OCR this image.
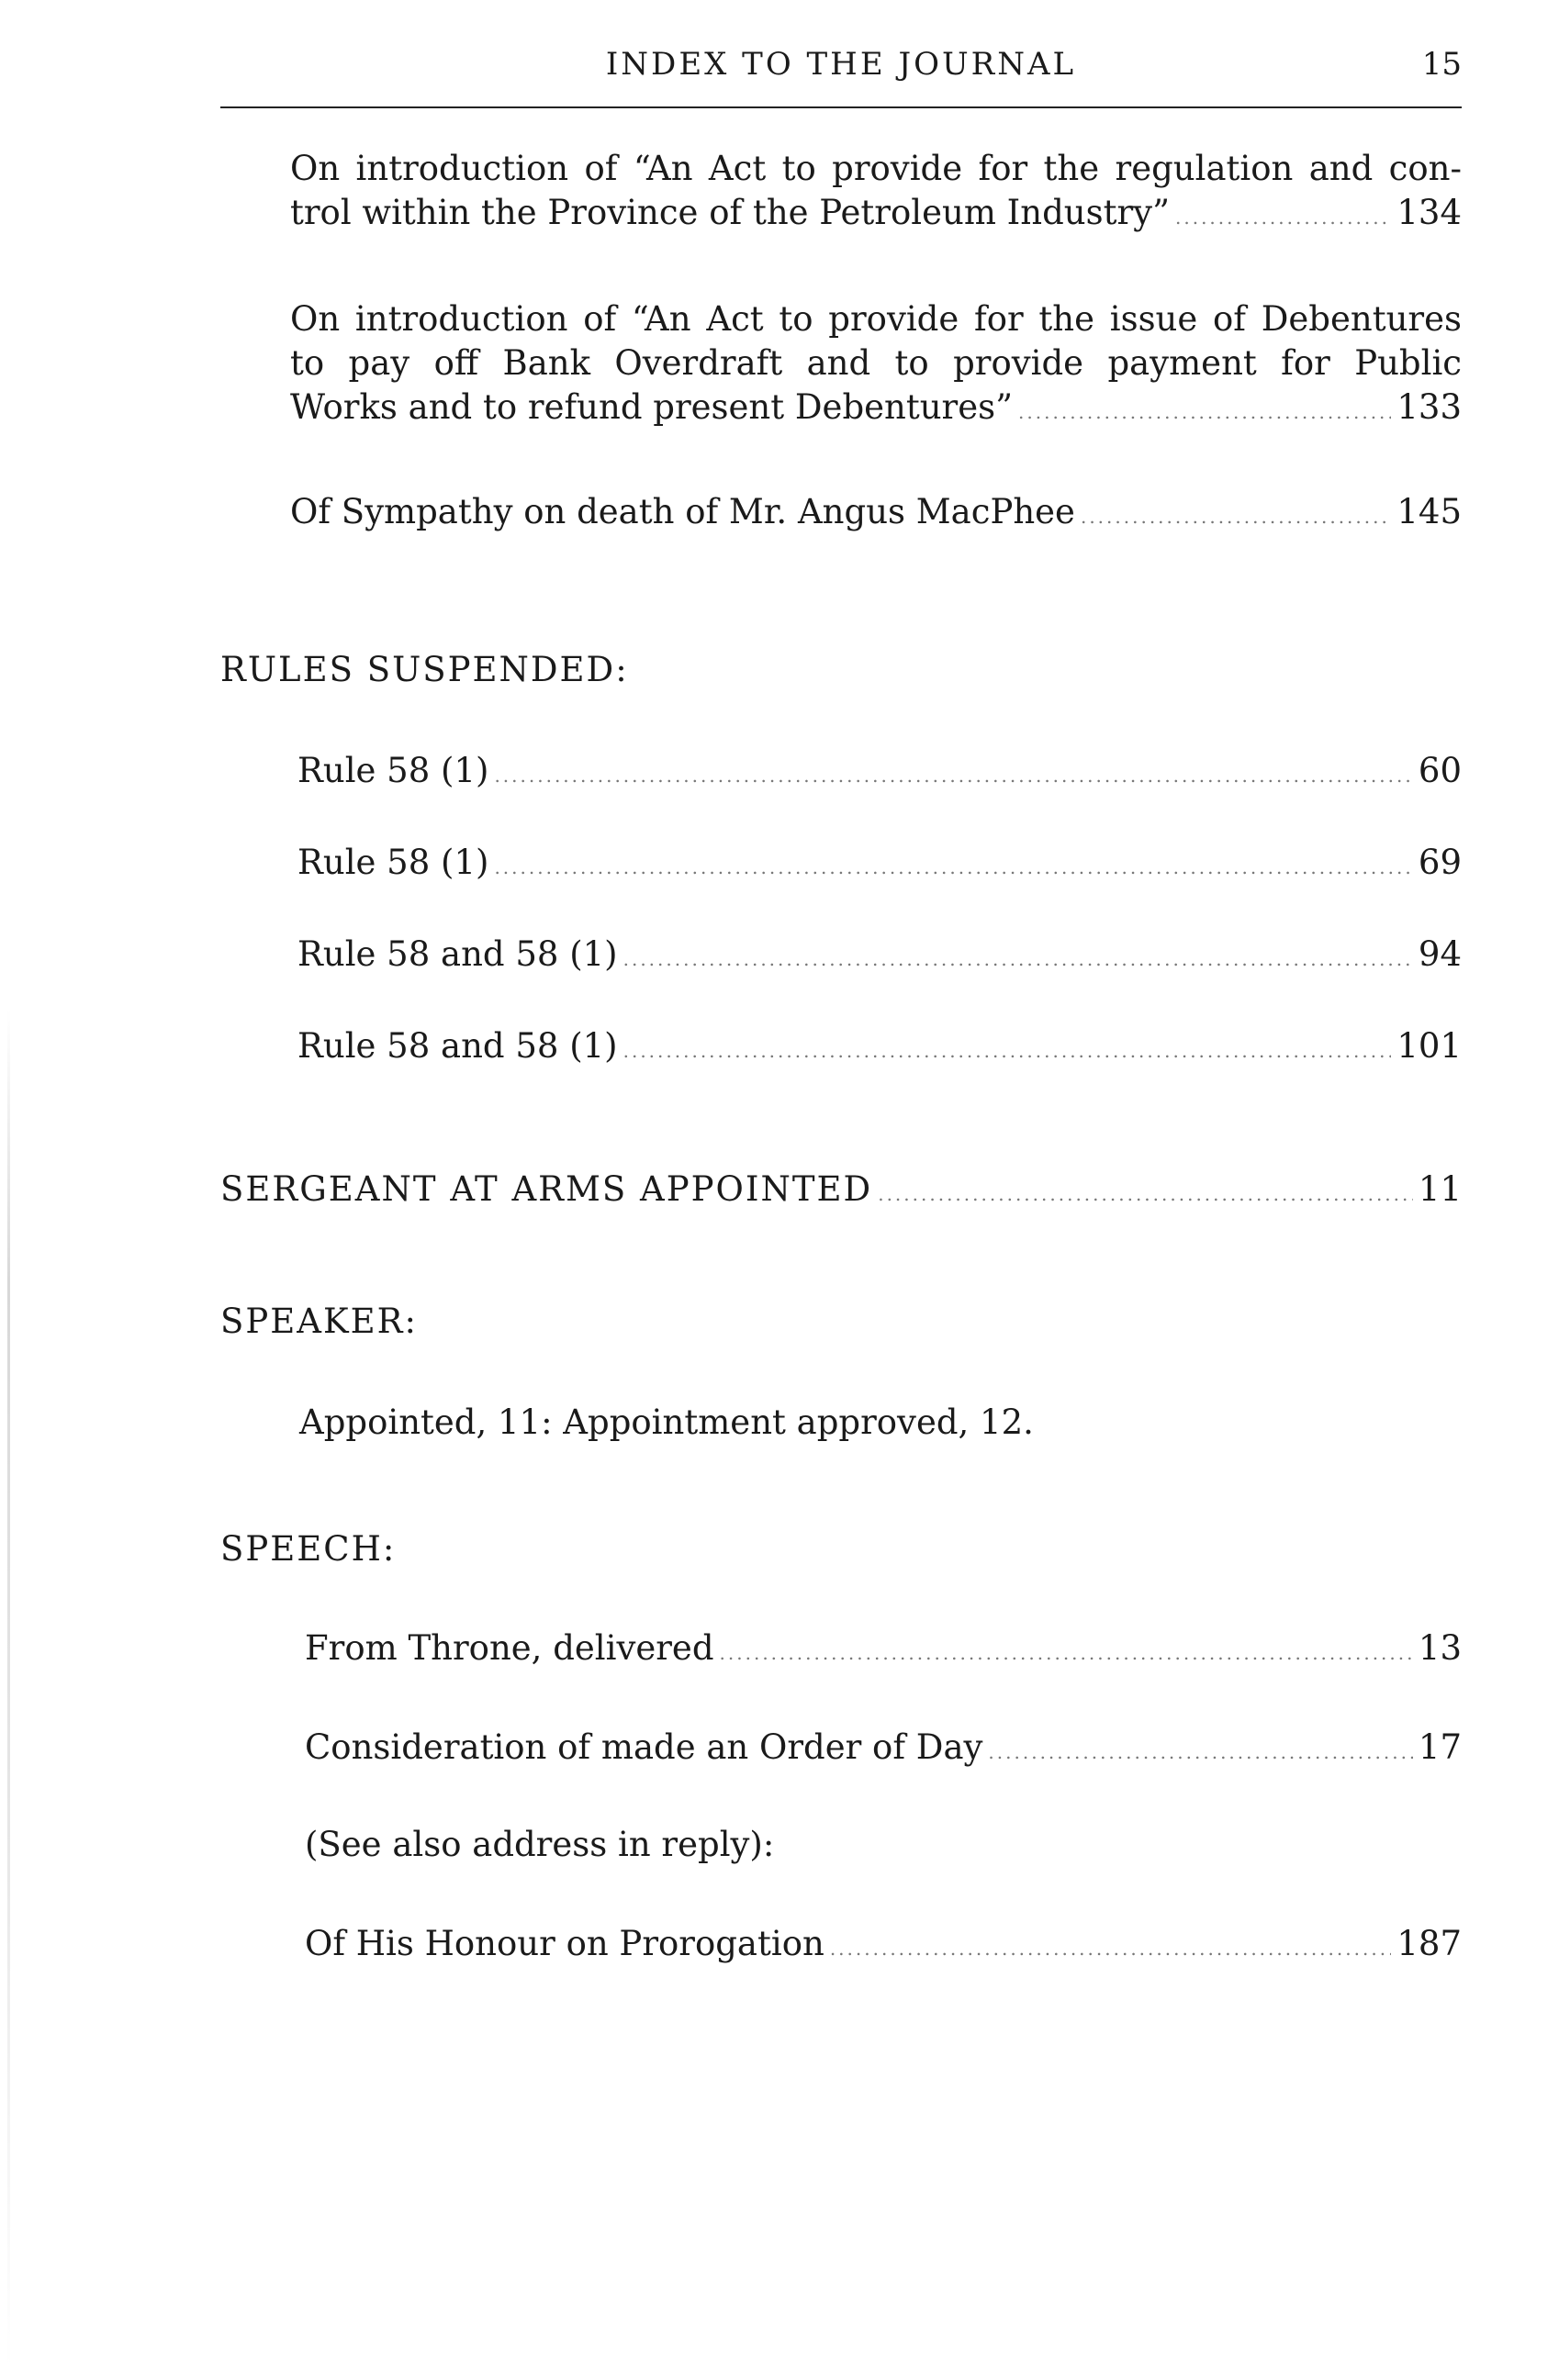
INDEX TO THE JOURNAL	15
On introduction of “An Act to provide for the regulation and con-
trol within the Province of the Petroleum Industry” .....	134
On introduction of “An Act to provide for the issue of Debentures
to pay off Bank Overdraft and to provide payment for Public
Works and to refund present Debentures” .....	133
Of Sympathy on death of Mr. Angus MacPhee .....	145
RULES SUSPENDED:
Rule 58 (1) .....	60
Rule 58 (1) .....	69
Rule 58 and 58 (1) .....	94
Rule 58 and 58 (1) .....	101
SERGEANT AT ARMS APPOINTED .....	11
SPEAKER:
Appointed, 11: Appointment approved, 12.
SPEECH:
From Throne, delivered .....	13
Consideration of made an Order of Day .....	17
(See also address in reply):
Of His Honour on Prorogation .....	187
